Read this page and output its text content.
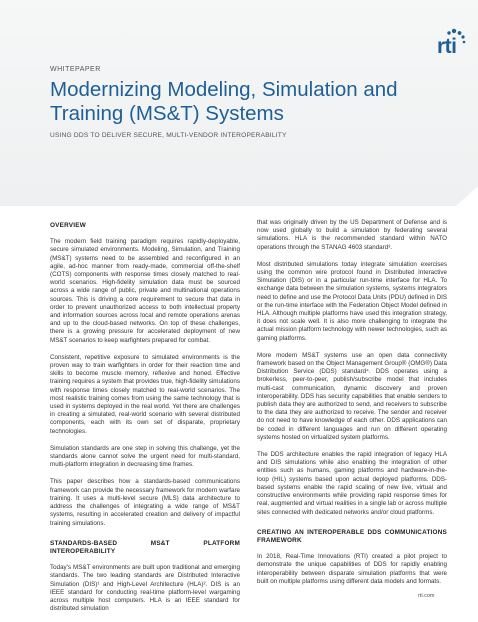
rti
WHITEPAPER
Modernizing Modeling, Simulation and Training (MS&T) Systems
USING DDS TO DELIVER SECURE, MULTI-VENDOR INTEROPERABILITY
OVERVIEW

The modern field training paradigm requires rapidly-deployable, secure simulated environments. Modeling, Simulation, and Training (MS&T) systems need to be assembled and reconfigured in an agile, ad-hoc manner from ready-made, commercial off-the-shelf (COTS) components with response times closely matched to real-world scenarios. High-fidelity simulation data must be sourced across a wide range of public, private and multinational operations sources. This is driving a core requirement to secure that data in order to prevent unauthorized access to both intellectual property and information sources across local and remote operations arenas and up to the cloud-based networks. On top of these challenges, there is a growing pressure for accelerated deployment of new MS&T scenarios to keep warfighters prepared for combat.

Consistent, repetitive exposure to simulated environments is the proven way to train warfighters in order for their reaction time and skills to become muscle memory, reflexive and honed. Effective training requires a system that provides true, high-fidelity simulations with response times closely matched to real-world scenarios. The most realistic training comes from using the same technology that is used in systems deployed in the real world. Yet there are challenges in creating a simulated, real-world scenario with several distributed components, each with its own set of disparate, proprietary technologies.

Simulation standards are one step in solving this challenge, yet the standards alone cannot solve the urgent need for multi-standard, multi-platform integration in decreasing time frames.

This paper describes how a standards-based communications framework can provide the necessary framework for modern warfare training. It uses a multi-level secure (MLS) data architecture to address the challenges of integrating a wide range of MS&T systems, resulting in accelerated creation and delivery of impactful training simulations.

STANDARDS-BASED MS&T PLATFORM INTEROPERABILITY

Today's MS&T environments are built upon traditional and emerging standards. The two leading standards are Distributed Interactive Simulation (DIS)¹ and High-Level Architecture (HLA)². DIS is an IEEE standard for conducting real-time platform-level wargaming across multiple host computers. HLA is an IEEE standard for distributed simulation

that was originally driven by the US Department of Defense and is now used globally to build a simulation by federating several simulations. HLA is the recommended standard within NATO operations through the STANAG 4603 standard³.

Most distributed simulations today integrate simulation exercises using the common wire protocol found in Distributed Interactive Simulation (DIS) or in a particular run-time interface for HLA. To exchange data between the simulation systems, systems integrators need to define and use the Protocol Data Units (PDU) defined in DIS or the run-time interface with the Federation Object Model defined in HLA. Although multiple platforms have used this integration strategy, it does not scale well. It is also more challenging to integrate the actual mission platform technology with newer technologies, such as gaming platforms.

More modern MS&T systems use an open data connectivity framework based on the Object Management Group® (OMG®) Data Distribution Service (DDS) standard⁴. DDS operates using a brokerless, peer-to-peer, publish/subscribe model that includes multi-cast communication, dynamic discovery and proven interoperability. DDS has security capabilities that enable senders to publish data they are authorized to send, and receivers to subscribe to the data they are authorized to receive. The sender and receiver do not need to have knowledge of each other. DDS applications can be coded in different languages and run on different operating systems hosted on virtualized system platforms.

The DDS architecture enables the rapid integration of legacy HLA and DIS simulations while also enabling the integration of other entities such as humans, gaming platforms and hardware-in-the-loop (HIL) systems based upon actual deployed platforms. DDS-based systems enable the rapid scaling of new live, virtual and constructive environments while providing rapid response times for real, augmented and virtual realities in a single lab or across multiple sites connected with dedicated networks and/or cloud platforms.

CREATING AN INTEROPERABLE DDS COMMUNICATIONS FRAMEWORK

In 2018, Real-Time Innovations (RTI) created a pilot project to demonstrate the unique capabilities of DDS for rapidly enabling interoperability between disparate simulation platforms that were built on multiple platforms using different data models and formats.

rti.com
